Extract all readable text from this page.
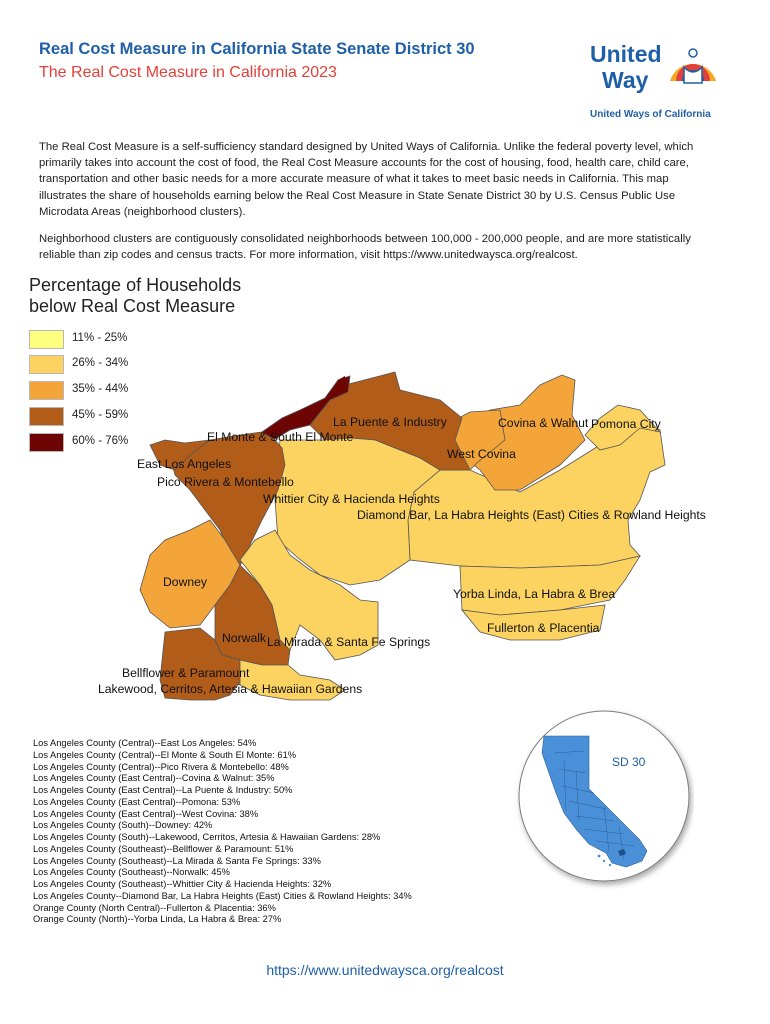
Real Cost Measure in California State Senate District 30
The Real Cost Measure in California 2023
United
Way
United Ways of California
The Real Cost Measure is a self-sufficiency standard designed by United Ways of California. Unlike the federal poverty level, which primarily takes into account the cost of food, the Real Cost Measure accounts for the cost of housing, food, health care, child care, transportation and other basic needs for a more accurate measure of what it takes to meet basic needs in California. This map illustrates the share of households earning below the Real Cost Measure in State Senate District 30 by U.S. Census Public Use Microdata Areas (neighborhood clusters).
Neighborhood clusters are contiguously consolidated neighborhoods between 100,000 - 200,000 people, and are more statistically reliable than zip codes and census tracts. For more information, visit https://www.unitedwaysca.org/realcost.
Percentage of Households below Real Cost Measure
11% - 25%
26% - 34%
35% - 44%
45% - 59%
60% - 76%
La Puente & Industry	Covina & Walnut Pomona City
El Monte & South El Monte
West Covina
East Los Angeles
Pico Rivera & Montebello
Whittier City & Hacienda Heights
Diamond Bar, La Habra Heights (East) Cities & Rowland Heights
Downey
Yorba Linda, La Habra & Brea
Fullerton & Placentia
Norwalk La Mirada & Santa Fe Springs
Bellflower & Paramount
Lakewood, Cerritos, Artesia & Hawaiian Gardens
Los Angeles County (Central)--East Los Angeles: 54%
Los Angeles County (Central)--El Monte & South El Monte: 61%
Los Angeles County (Central)--Pico Rivera & Montebello: 48%
Los Angeles County (East Central)--Covina & Walnut: 35%
Los Angeles County (East Central)--La Puente & Industry: 50%
Los Angeles County (East Central)--Pomona: 53%
Los Angeles County (East Central)--West Covina: 38%
Los Angeles County (South)--Downey: 42%
Los Angeles County (South)--Lakewood, Cerritos, Artesia & Hawaiian Gardens: 28%
Los Angeles County (Southeast)--Bellflower & Paramount: 51%
Los Angeles County (Southeast)--La Mirada & Santa Fe Springs: 33%
Los Angeles County (Southeast)--Norwalk: 45%
Los Angeles County (Southeast)--Whittier City & Hacienda Heights: 32%
Los Angeles County--Diamond Bar, La Habra Heights (East) Cities & Rowland Heights: 34%
Orange County (North Central)--Fullerton & Placentia: 36%
Orange County (North)--Yorba Linda, La Habra & Brea: 27%
SD 30
https://www.unitedwaysca.org/realcost
